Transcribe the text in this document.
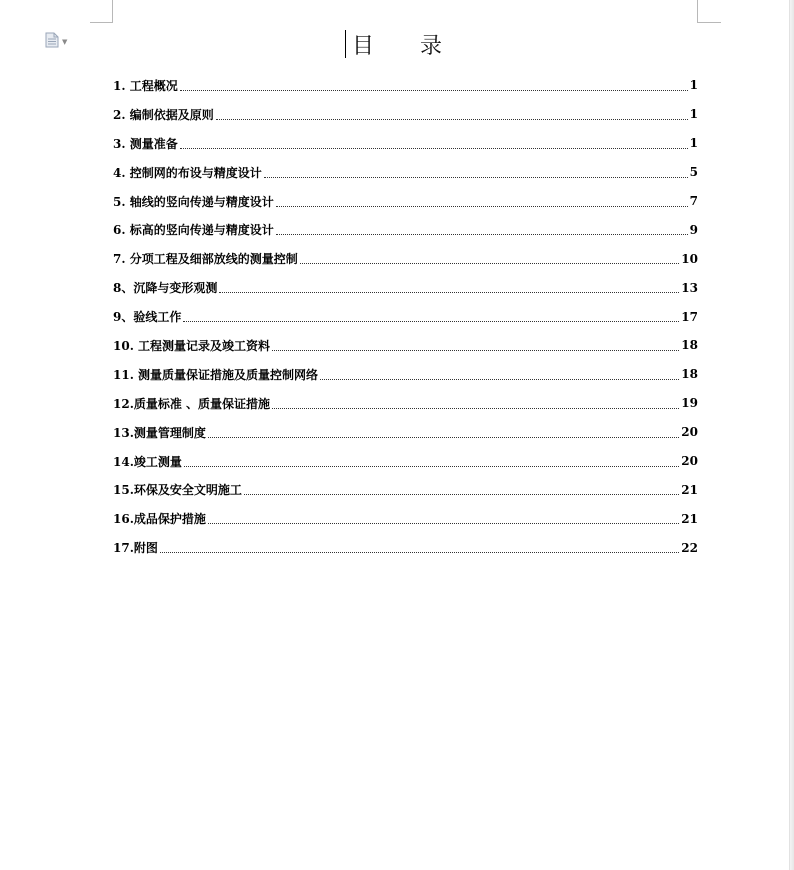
▼	目 录
1. 工程概况	1
2. 编制依据及原则	1
3. 测量准备	1
4. 控制网的布设与精度设计	5
5. 轴线的竖向传递与精度设计	7
6. 标高的竖向传递与精度设计	9
7. 分项工程及细部放线的测量控制	10
8、沉降与变形观测	13
9、验线工作	17
10. 工程测量记录及竣工资料	18
11. 测量质量保证措施及质量控制网络	18
12.质量标准 、质量保证措施	19
13.测量管理制度	20
14.竣工测量	20
15.环保及安全文明施工	21
16.成品保护措施	21
17.附图	22
